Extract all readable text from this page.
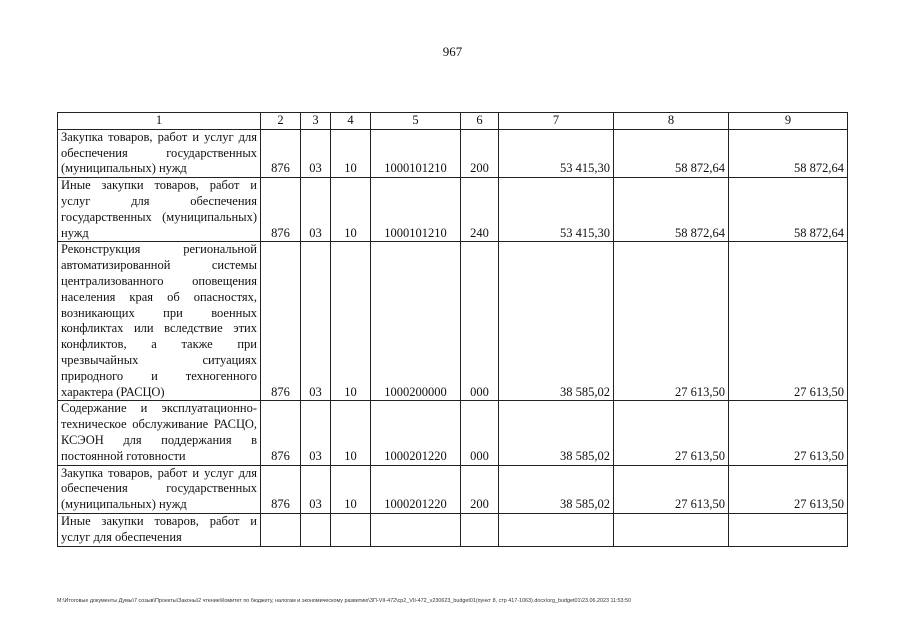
967
1	2	3	4	5	6	7	8	9
Закупка товаров, работ и услуг для обеспечения государственных (муниципальных) нужд	876	03	10	1000101210	200	53 415,30	58 872,64	58 872,64
Иные закупки товаров, работ и услуг для обеспечения государственных (муниципальных) нужд	876	03	10	1000101210	240	53 415,30	58 872,64	58 872,64
Реконструкция региональной автоматизированной системы централизованного оповещения населения края об опасностях, возникающих при военных конфликтах или вследствие этих конфликтов, а также при чрезвычайных ситуациях природного и техногенного характера (РАСЦО)	876	03	10	1000200000	000	38 585,02	27 613,50	27 613,50
Содержание и эксплуатационно-техническое обслуживание РАСЦО, КСЭОН для поддержания в постоянной готовности	876	03	10	1000201220	000	38 585,02	27 613,50	27 613,50
Закупка товаров, работ и услуг для обеспечения государственных (муниципальных) нужд	876	03	10	1000201220	200	38 585,02	27 613,50	27 613,50
Иные закупки товаров, работ и услуг для обеспечения								
M:\Итоговые документы Думы\7 созыв\Проекты\Законы\2 чтение\Комитет по бюджету, налогам и экономическому развитию\ЗП-VII-472\ср2_VII-472_v230623_budget01(пункт 8, стр 417-1063).docx\org_budget01\23.06.2023 11:53:50
